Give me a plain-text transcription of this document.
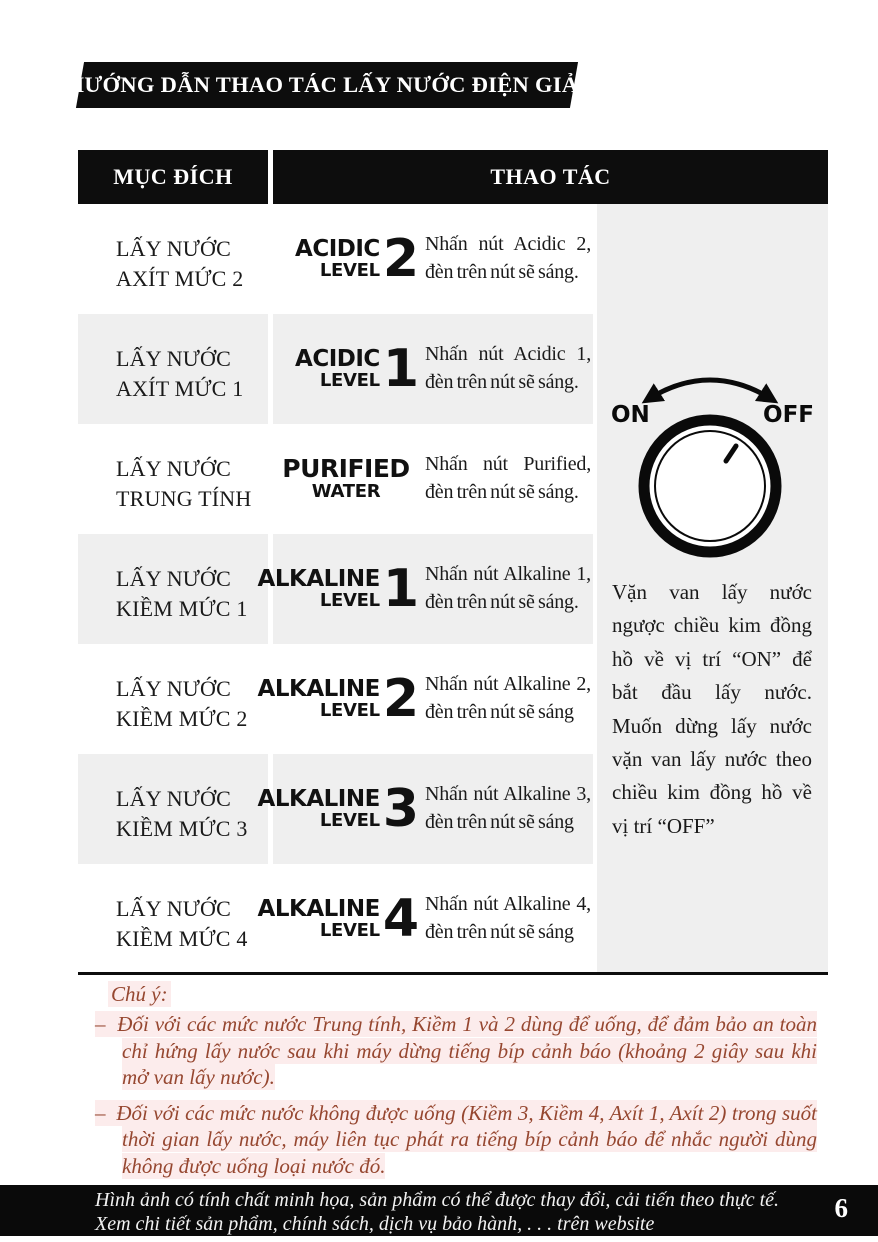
HƯỚNG DẪN THAO TÁC LẤY NƯỚC ĐIỆN GIẢI
MỤC ĐÍCH	THAO TÁC
LẤY NƯỚC
AXÍT MỨC 2
ACIDIC
LEVEL 2 Nhấn nút Acidic 2, đèn trên nút sẽ sáng.
LẤY NƯỚC
AXÍT MỨC 1
ACIDIC
LEVEL 1 Nhấn nút Acidic 1, đèn trên nút sẽ sáng.
LẤY NƯỚC
TRUNG TÍNH
PURIFIED
WATER
Nhấn nút Purified, đèn trên nút sẽ sáng.
LẤY NƯỚC
KIỀM MỨC 1
ALKALINE
LEVEL 1 Nhấn nút Alkaline 1, đèn trên nút sẽ sáng.
LẤY NƯỚC
KIỀM MỨC 2
ALKALINE
LEVEL 2 Nhấn nút Alkaline 2, đèn trên nút sẽ sáng
LẤY NƯỚC
KIỀM MỨC 3
ALKALINE
LEVEL 3 Nhấn nút Alkaline 3, đèn trên nút sẽ sáng
LẤY NƯỚC
KIỀM MỨC 4
ALKALINE
LEVEL 4 Nhấn nút Alkaline 4, đèn trên nút sẽ sáng
ON	OFF
Vặn van lấy nước ngược chiều kim đồng hồ về vị trí “ON” để bắt đầu lấy nước. Muốn dừng lấy nước vặn van lấy nước theo chiều kim đồng hồ về vị trí “OFF”
Chú ý:
– Đối với các mức nước Trung tính, Kiềm 1 và 2 dùng để uống, để đảm bảo an toàn chỉ hứng lấy nước sau khi máy dừng tiếng bíp cảnh báo (khoảng 2 giây sau khi mở van lấy nước).
– Đối với các mức nước không được uống (Kiềm 3, Kiềm 4, Axít 1, Axít 2) trong suốt thời gian lấy nước, máy liên tục phát ra tiếng bíp cảnh báo để nhắc người dùng không được uống loại nước đó.
Hình ảnh có tính chất minh họa, sản phẩm có thể được thay đổi, cải tiến theo thực tế.
Xem chi tiết sản phẩm, chính sách, dịch vụ bảo hành, . . . trên website
6
